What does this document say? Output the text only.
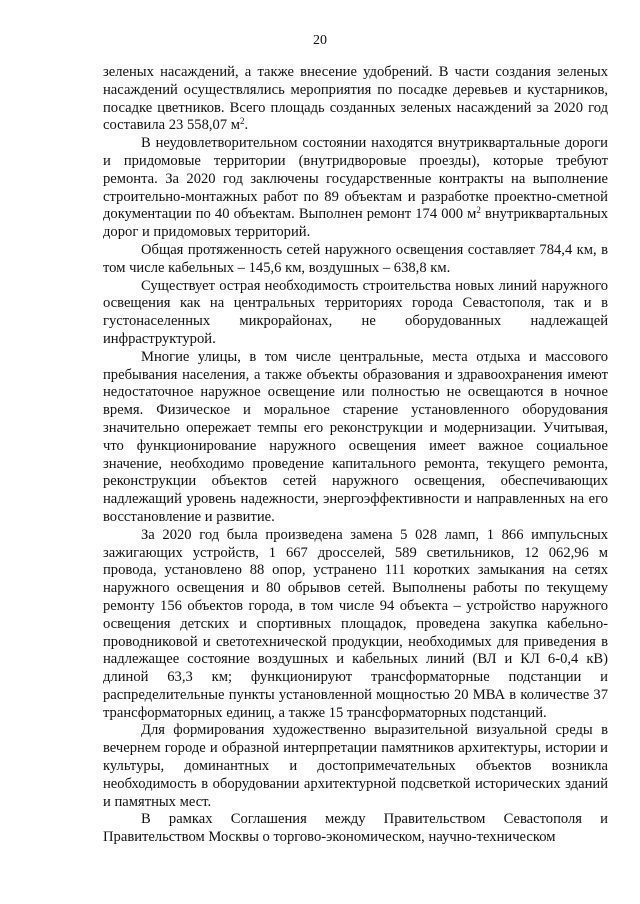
20

зеленых насаждений, а также внесение удобрений. В части создания зеленых насаждений осуществлялись мероприятия по посадке деревьев и кустарников, посадке цветников. Всего площадь созданных зеленых насаждений за 2020 год составила 23 558,07 $м^2$.

В неудовлетворительном состоянии находятся внутриквартальные дороги и придомовые территории (внутридворовые проезды), которые требуют ремонта. За 2020 год заключены государственные контракты на выполнение строительно-монтажных работ по 89 объектам и разработке проектно-сметной документации по 40 объектам. Выполнен ремонт 174 000 $м^2$ внутриквартальных дорог и придомовых территорий.

Общая протяженность сетей наружного освещения составляет 784,4 км, в том числе кабельных – 145,6 км, воздушных – 638,8 км.

Существует острая необходимость строительства новых линий наружного освещения как на центральных территориях города Севастополя, так и в густонаселенных микрорайонах, не оборудованных надлежащей инфраструктурой.

Многие улицы, в том числе центральные, места отдыха и массового пребывания населения, а также объекты образования и здравоохранения имеют недостаточное наружное освещение или полностью не освещаются в ночное время. Физическое и моральное старение установленного оборудования значительно опережает темпы его реконструкции и модернизации. Учитывая, что функционирование наружного освещения имеет важное социальное значение, необходимо проведение капитального ремонта, текущего ремонта, реконструкции объектов сетей наружного освещения, обеспечивающих надлежащий уровень надежности, энергоэффективности и направленных на его восстановление и развитие.

За 2020 год была произведена замена 5 028 ламп, 1 866 импульсных зажигающих устройств, 1 667 дросселей, 589 светильников, 12 062,96 м провода, установлено 88 опор, устранено 111 коротких замыкания на сетях наружного освещения и 80 обрывов сетей. Выполнены работы по текущему ремонту 156 объектов города, в том числе 94 объекта – устройство наружного освещения детских и спортивных площадок, проведена закупка кабельно-проводниковой и светотехнической продукции, необходимых для приведения в надлежащее состояние воздушных и кабельных линий (ВЛ и КЛ 6-0,4 кВ) длиной 63,3 км; функционируют трансформаторные подстанции и распределительные пункты установленной мощностью 20 МВА в количестве 37 трансформаторных единиц, а также 15 трансформаторных подстанций.

Для формирования художественно выразительной визуальной среды в вечернем городе и образной интерпретации памятников архитектуры, истории и культуры, доминантных и достопримечательных объектов возникла необходимость в оборудовании архитектурной подсветкой исторических зданий и памятных мест.

В рамках Соглашения между Правительством Севастополя и Правительством Москвы о торгово-экономическом, научно-техническом
